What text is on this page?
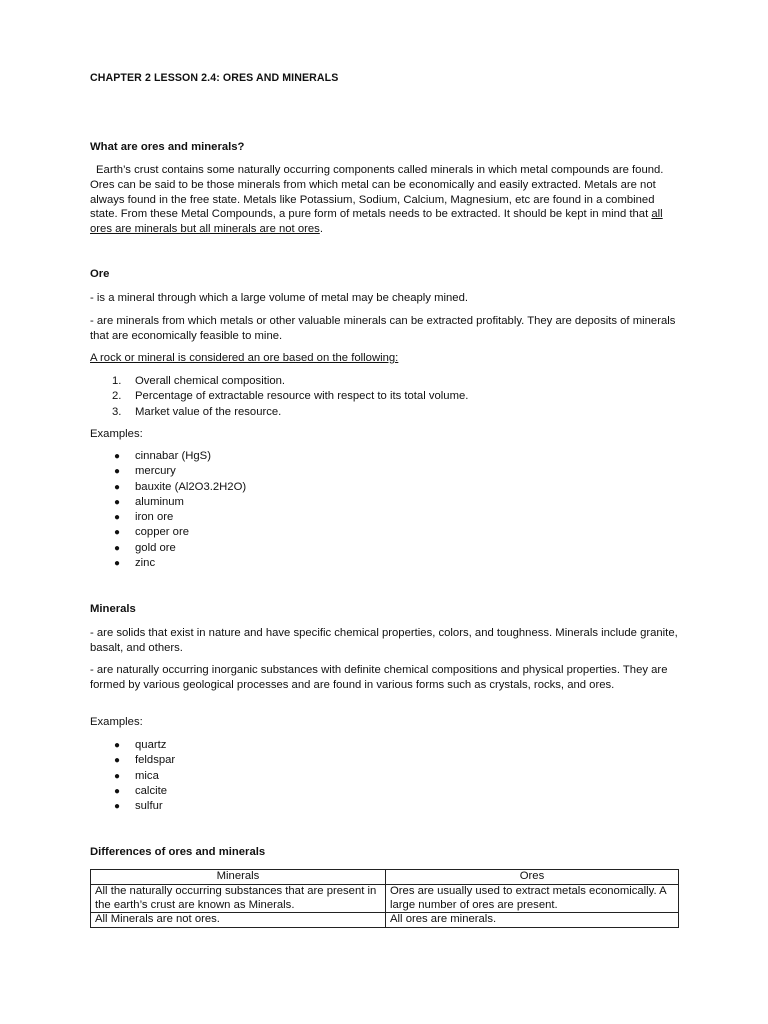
CHAPTER 2 LESSON 2.4: ORES AND MINERALS
What are ores and minerals?
Earth’s crust contains some naturally occurring components called minerals in which metal compounds are found. Ores can be said to be those minerals from which metal can be economically and easily extracted. Metals are not always found in the free state. Metals like Potassium, Sodium, Calcium, Magnesium, etc are found in a combined state. From these Metal Compounds, a pure form of metals needs to be extracted. It should be kept in mind that all ores are minerals but all minerals are not ores.
Ore
- is a mineral through which a large volume of metal may be cheaply mined.
- are minerals from which metals or other valuable minerals can be extracted profitably. They are deposits of minerals that are economically feasible to mine.
A rock or mineral is considered an ore based on the following:
1.	Overall chemical composition.
2.	Percentage of extractable resource with respect to its total volume.
3.	Market value of the resource.
Examples:
●	cinnabar (HgS)
●	mercury
●	bauxite (Al2O3.2H2O)
●	aluminum
●	iron ore
●	copper ore
●	gold ore
●	zinc
Minerals
- are solids that exist in nature and have specific chemical properties, colors, and toughness. Minerals include granite, basalt, and others.
- are naturally occurring inorganic substances with definite chemical compositions and physical properties. They are formed by various geological processes and are found in various forms such as crystals, rocks, and ores.
Examples:
●	quartz
●	feldspar
●	mica
●	calcite
●	sulfur
Differences of ores and minerals
Minerals	Ores
All the naturally occurring substances that are present in the earth’s crust are known as Minerals.	Ores are usually used to extract metals economically. A large number of ores are present.
All Minerals are not ores.	All ores are minerals.
